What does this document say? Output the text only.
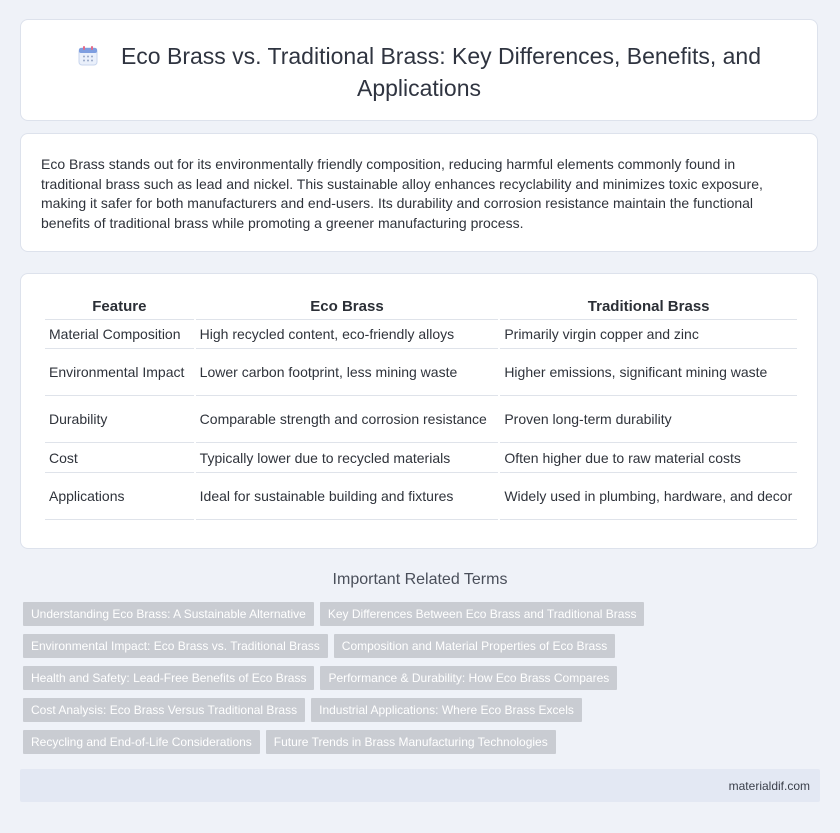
Eco Brass vs. Traditional Brass: Key Differences, Benefits, and Applications
Eco Brass stands out for its environmentally friendly composition, reducing harmful elements commonly found in traditional brass such as lead and nickel. This sustainable alloy enhances recyclability and minimizes toxic exposure, making it safer for both manufacturers and end-users. Its durability and corrosion resistance maintain the functional benefits of traditional brass while promoting a greener manufacturing process.
Feature	Eco Brass	Traditional Brass
Material Composition	High recycled content, eco-friendly alloys	Primarily virgin copper and zinc
Environmental Impact	Lower carbon footprint, less mining waste	Higher emissions, significant mining waste
Durability	Comparable strength and corrosion resistance	Proven long-term durability
Cost	Typically lower due to recycled materials	Often higher due to raw material costs
Applications	Ideal for sustainable building and fixtures	Widely used in plumbing, hardware, and decor
Important Related Terms
Understanding Eco Brass: A Sustainable Alternative	Key Differences Between Eco Brass and Traditional Brass
Environmental Impact: Eco Brass vs. Traditional Brass	Composition and Material Properties of Eco Brass
Health and Safety: Lead-Free Benefits of Eco Brass	Performance & Durability: How Eco Brass Compares
Cost Analysis: Eco Brass Versus Traditional Brass	Industrial Applications: Where Eco Brass Excels
Recycling and End-of-Life Considerations	Future Trends in Brass Manufacturing Technologies
materialdif.com
